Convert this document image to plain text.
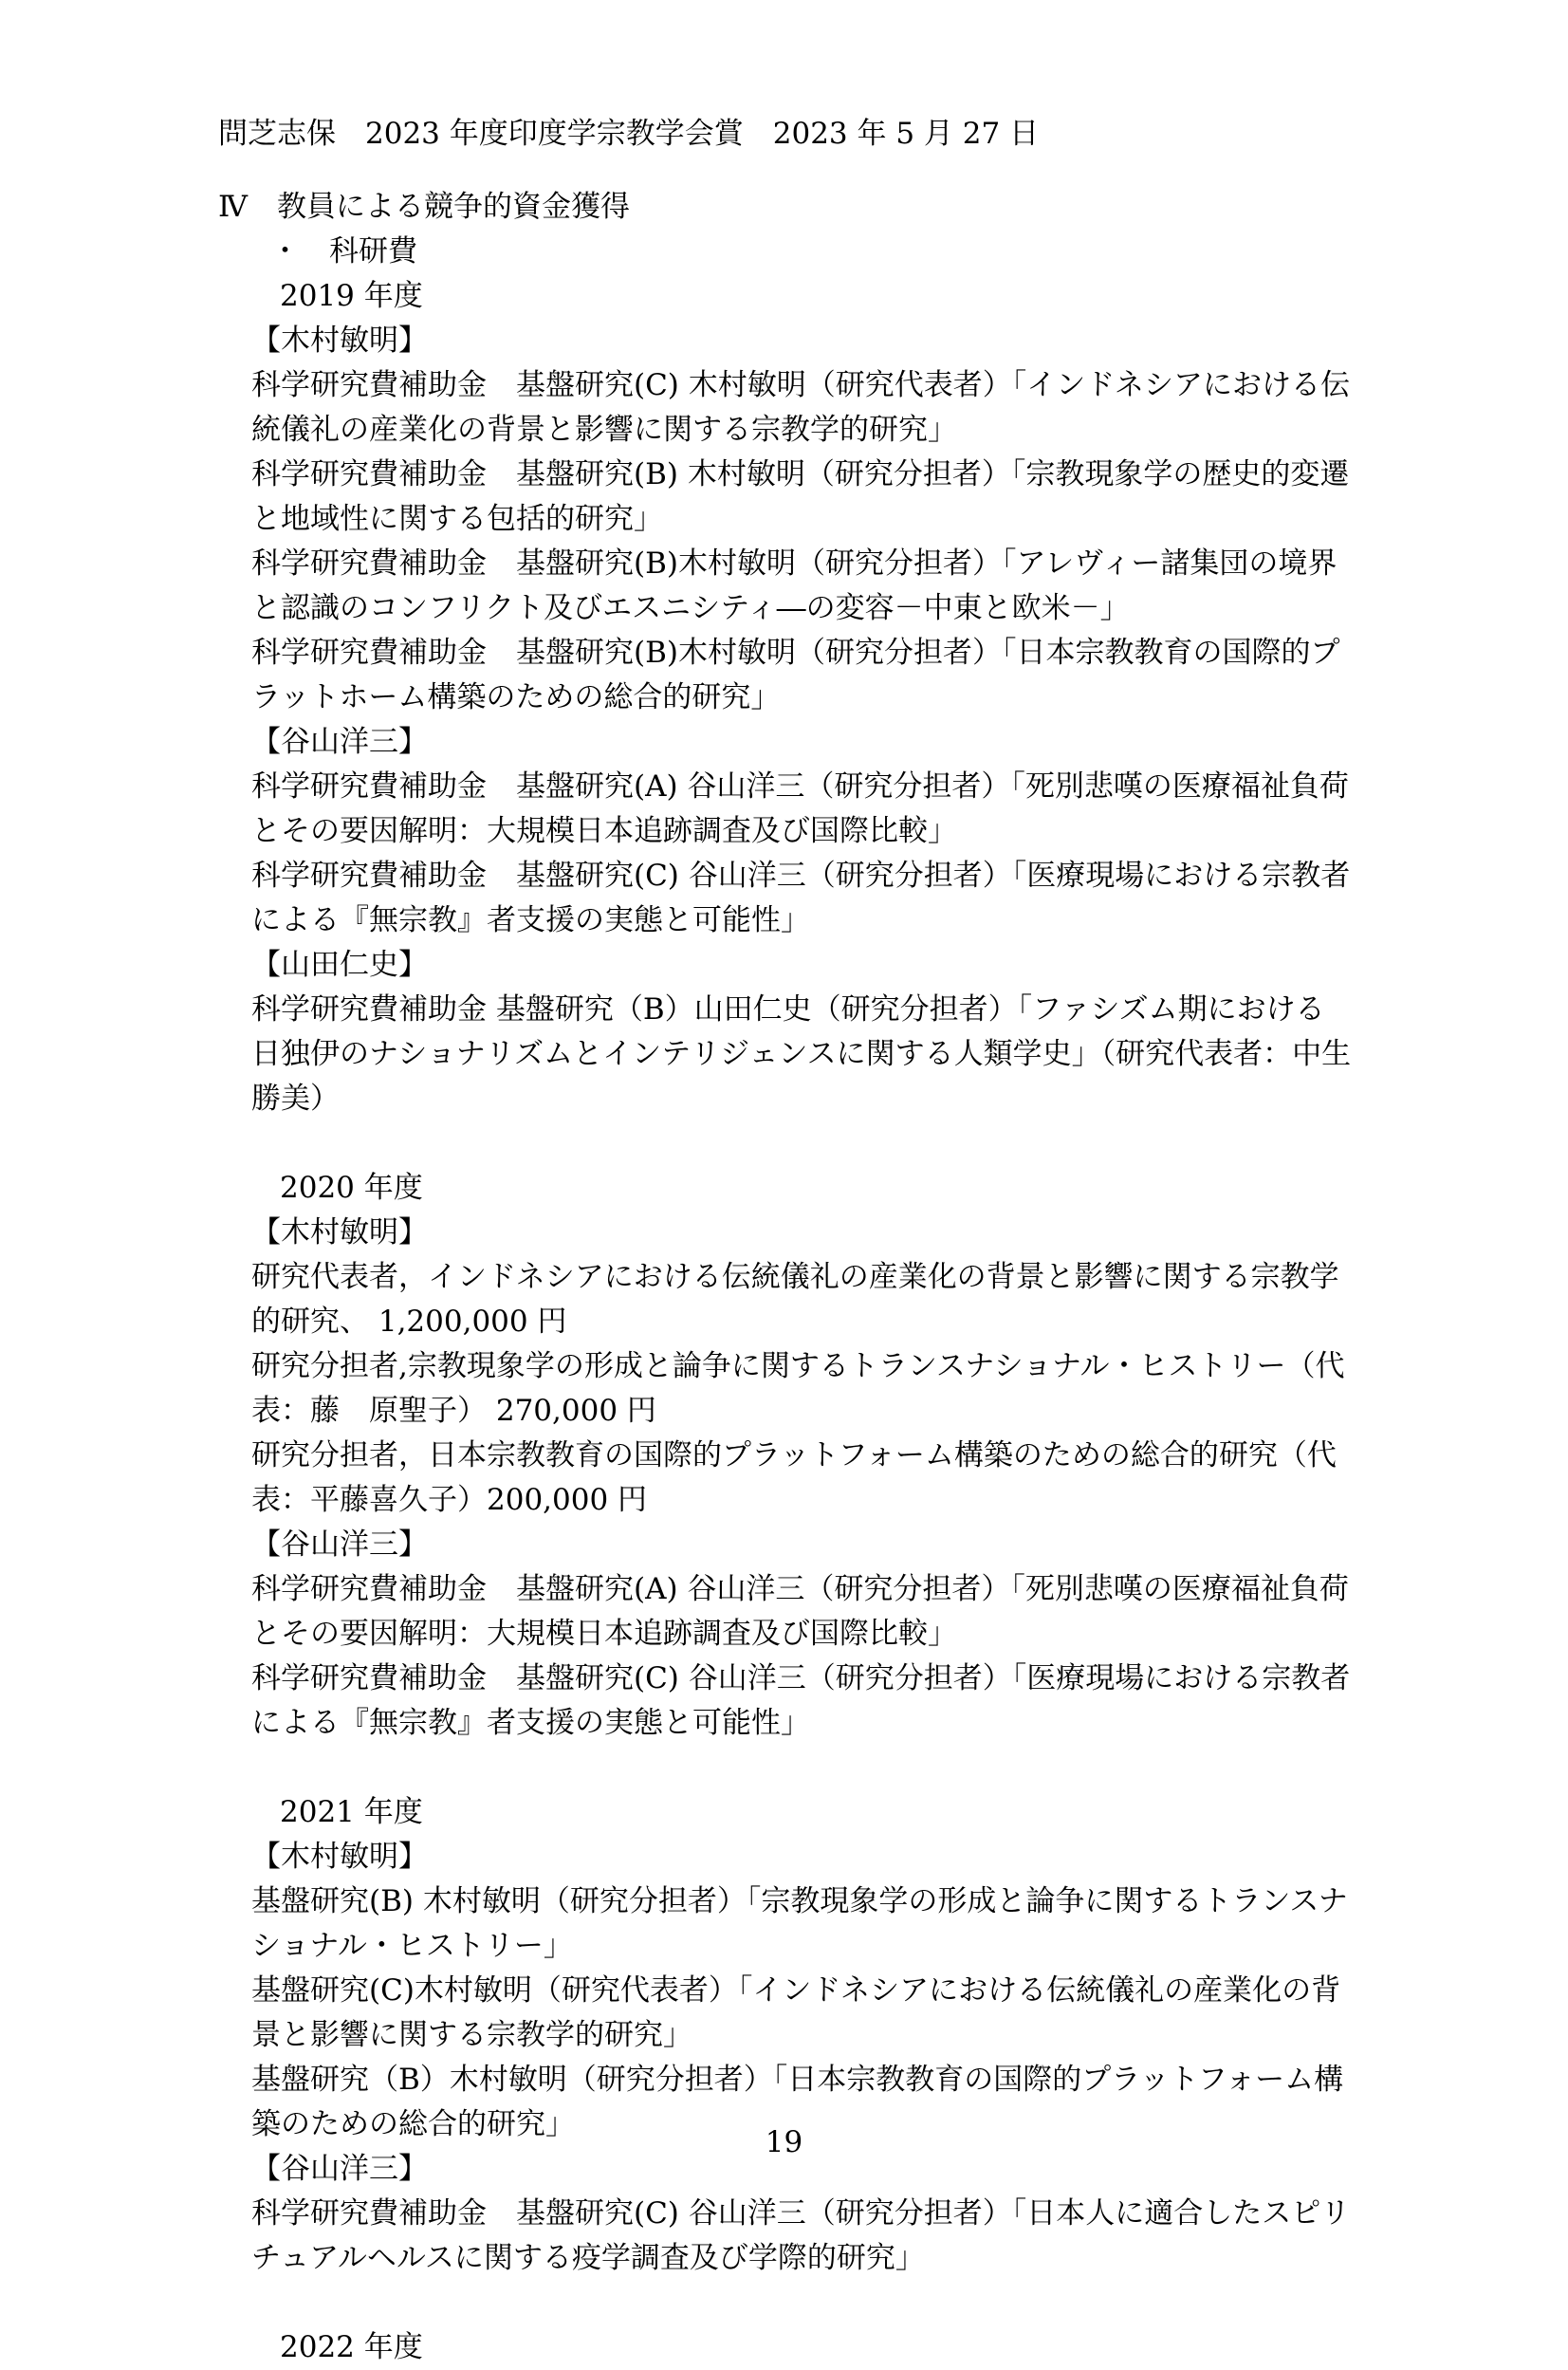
問芝志保　2023 年度印度学宗教学会賞　2023 年 5 月 27 日
Ⅳ　教員による競争的資金獲得
・　科研費
2019 年度
【木村敏明】
科学研究費補助金　基盤研究(C) 木村敏明（研究代表者）「インドネシアにおける伝統儀礼の産業化の背景と影響に関する宗教学的研究」
科学研究費補助金　基盤研究(B) 木村敏明（研究分担者）「宗教現象学の歴史的変遷と地域性に関する包括的研究」
科学研究費補助金　基盤研究(B)木村敏明（研究分担者）「アレヴィー諸集団の境界と認識のコンフリクト及びエスニシティ―の変容－中東と欧米－」
科学研究費補助金　基盤研究(B)木村敏明（研究分担者）「日本宗教教育の国際的プラットホーム構築のための総合的研究」
【谷山洋三】
科学研究費補助金　基盤研究(A) 谷山洋三（研究分担者）「死別悲嘆の医療福祉負荷とその要因解明：大規模日本追跡調査及び国際比較」
科学研究費補助金　基盤研究(C) 谷山洋三（研究分担者）「医療現場における宗教者による『無宗教』者支援の実態と可能性」
【山田仁史】
科学研究費補助金 基盤研究（B）山田仁史（研究分担者）「ファシズム期における日独伊のナショナリズムとインテリジェンスに関する人類学史」（研究代表者：中生勝美）
2020 年度
【木村敏明】
研究代表者，インドネシアにおける伝統儀礼の産業化の背景と影響に関する宗教学的研究、 1,200,000 円
研究分担者,宗教現象学の形成と論争に関するトランスナショナル・ヒストリー（代表：藤　原聖子） 270,000 円
研究分担者，日本宗教教育の国際的プラットフォーム構築のための総合的研究（代　　表：平藤喜久子）200,000 円
【谷山洋三】
科学研究費補助金　基盤研究(A) 谷山洋三（研究分担者）「死別悲嘆の医療福祉負荷とその要因解明：大規模日本追跡調査及び国際比較」
科学研究費補助金　基盤研究(C) 谷山洋三（研究分担者）「医療現場における宗教者による『無宗教』者支援の実態と可能性」
2021 年度
【木村敏明】
基盤研究(B) 木村敏明（研究分担者）「宗教現象学の形成と論争に関するトランスナショナル・ヒストリー」
基盤研究(C)木村敏明（研究代表者）「インドネシアにおける伝統儀礼の産業化の背景と影響に関する宗教学的研究」
基盤研究（B）木村敏明（研究分担者）「日本宗教教育の国際的プラットフォーム構築のための総合的研究」
【谷山洋三】
科学研究費補助金　基盤研究(C) 谷山洋三（研究分担者）「日本人に適合したスピリチュアルヘルスに関する疫学調査及び学際的研究」
2022 年度
19
